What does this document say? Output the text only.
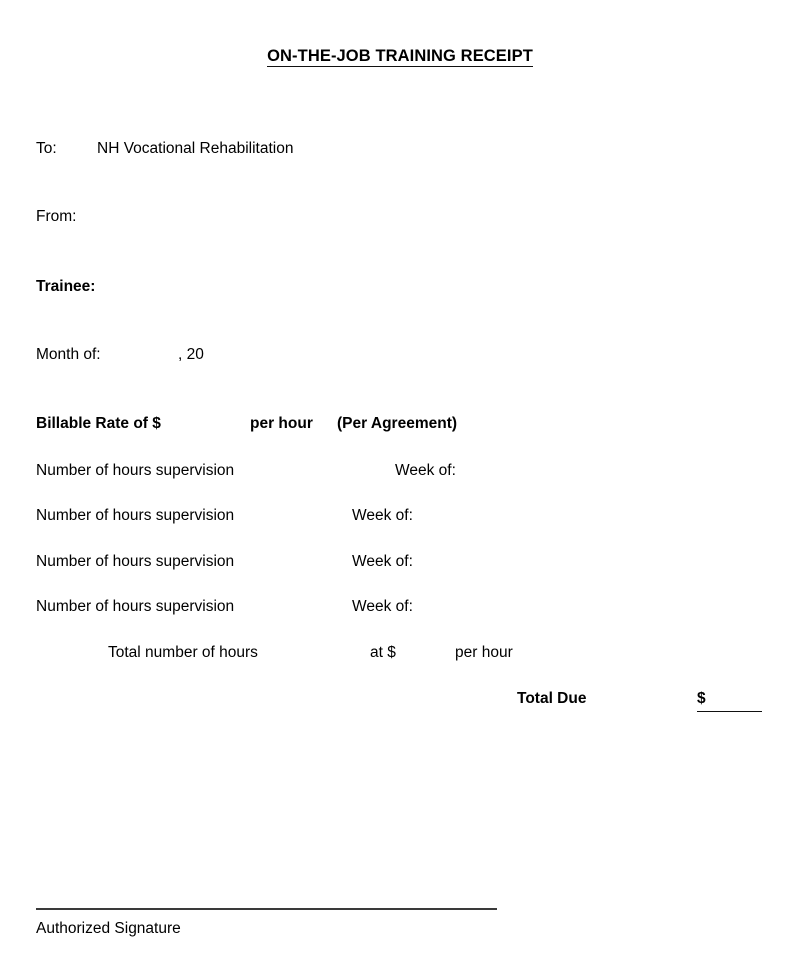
ON-THE-JOB TRAINING RECEIPT
To:	NH Vocational Rehabilitation
From:
Trainee:
Month of:	, 20
Billable Rate of $	per hour (Per Agreement)
Number of hours supervision	Week of:
Number of hours supervision	Week of:
Number of hours supervision	Week of:
Number of hours supervision	Week of:
Total number of hours	at $	per hour
Total Due	$
Authorized Signature
